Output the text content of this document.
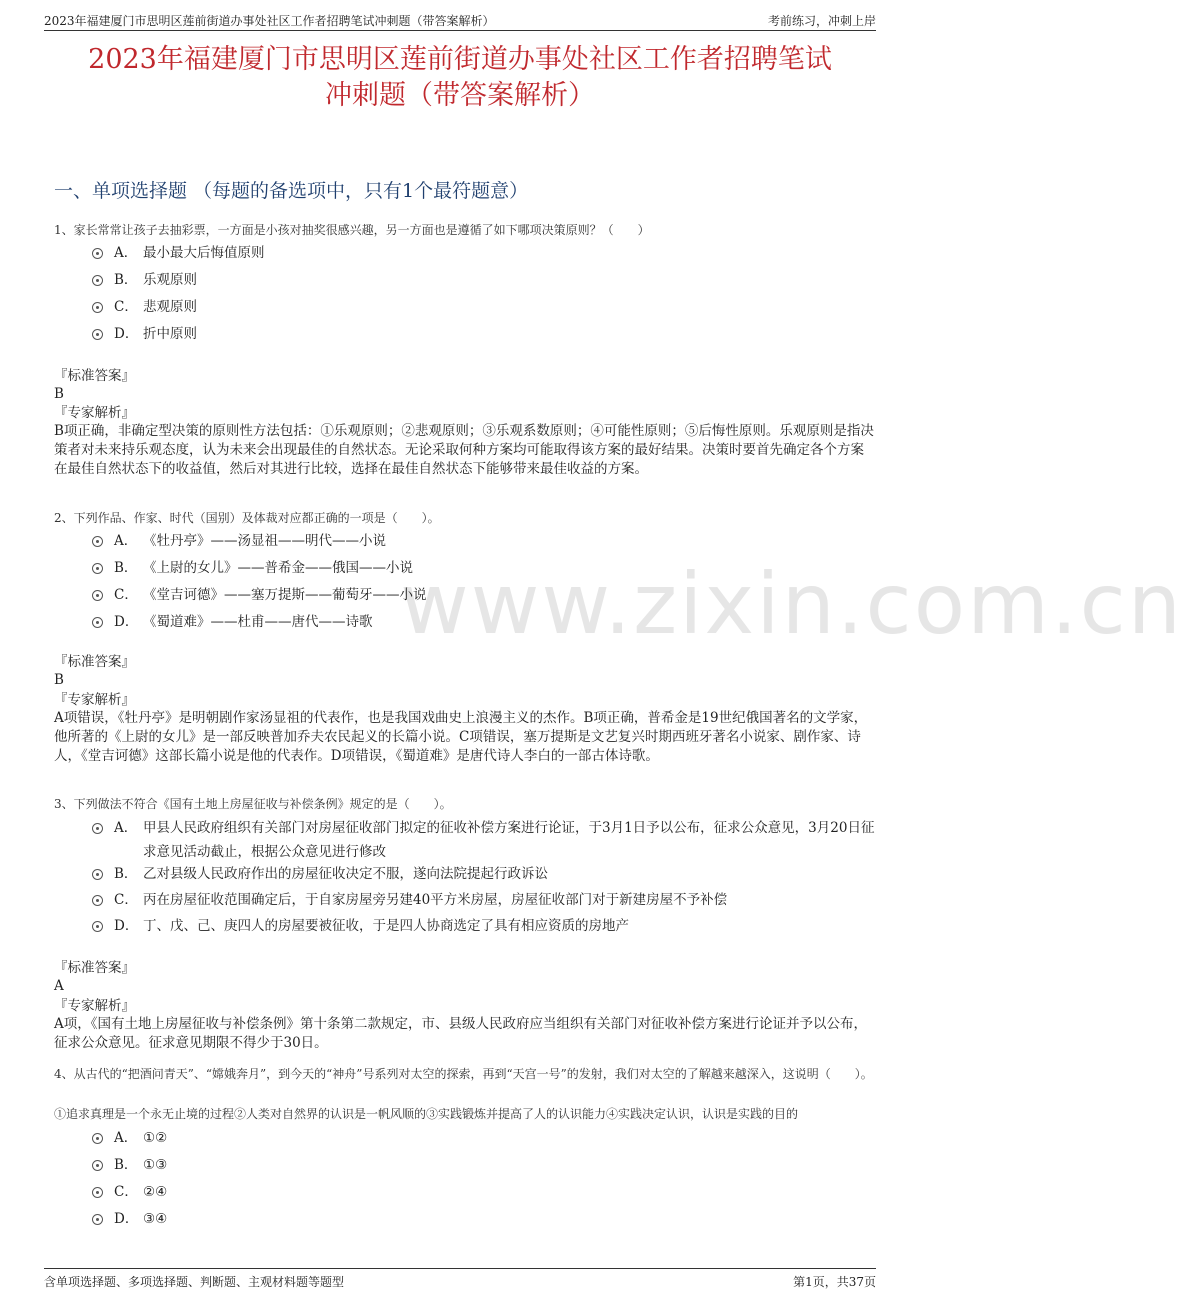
2023年福建厦门市思明区莲前街道办事处社区工作者招聘笔试冲刺题（带答案解析）	考前练习，冲刺上岸
2023年福建厦门市思明区莲前街道办事处社区工作者招聘笔试
冲刺题（带答案解析）
一、单项选择题 （每题的备选项中，只有1个最符题意）
www.zixin.com.cn
1、家长常常让孩子去抽彩票，一方面是小孩对抽奖很感兴趣，另一方面也是遵循了如下哪项决策原则？（　　）
A． 最小最大后悔值原则
B． 乐观原则
C． 悲观原则
D． 折中原则
『标准答案』
B
『专家解析』
B项正确，非确定型决策的原则性方法包括：①乐观原则；②悲观原则；③乐观系数原则；④可能性原则；⑤后悔性原则。乐观原则是指决策者对未来持乐观态度，认为未来会出现最佳的自然状态。无论采取何种方案均可能取得该方案的最好结果。决策时要首先确定各个方案在最佳自然状态下的收益值，然后对其进行比较，选择在最佳自然状态下能够带来最佳收益的方案。
2、下列作品、作家、时代（国别）及体裁对应都正确的一项是（　　）。
A． 《牡丹亭》——汤显祖——明代——小说
B． 《上尉的女儿》——普希金——俄国——小说
C． 《堂吉诃德》——塞万提斯——葡萄牙——小说
D． 《蜀道难》——杜甫——唐代——诗歌
『标准答案』
B
『专家解析』
A项错误，《牡丹亭》是明朝剧作家汤显祖的代表作，也是我国戏曲史上浪漫主义的杰作。B项正确，普希金是19世纪俄国著名的文学家，他所著的《上尉的女儿》是一部反映普加乔夫农民起义的长篇小说。C项错误，塞万提斯是文艺复兴时期西班牙著名小说家、剧作家、诗人，《堂吉诃德》这部长篇小说是他的代表作。D项错误，《蜀道难》是唐代诗人李白的一部古体诗歌。
3、下列做法不符合《国有土地上房屋征收与补偿条例》规定的是（　　）。
A． 甲县人民政府组织有关部门对房屋征收部门拟定的征收补偿方案进行论证，于3月1日予以公布，征求公众意见，3月20日征求意见活动截止，根据公众意见进行修改
B． 乙对县级人民政府作出的房屋征收决定不服，遂向法院提起行政诉讼
C． 丙在房屋征收范围确定后，于自家房屋旁另建40平方米房屋，房屋征收部门对于新建房屋不予补偿
D． 丁、戊、己、庚四人的房屋要被征收，于是四人协商选定了具有相应资质的房地产
『标准答案』
A
『专家解析』
A项，《国有土地上房屋征收与补偿条例》第十条第二款规定，市、县级人民政府应当组织有关部门对征收补偿方案进行论证并予以公布，征求公众意见。征求意见期限不得少于30日。
4、从古代的“把酒问青天”、“嫦娥奔月”，到今天的“神舟”号系列对太空的探索，再到“天宫一号”的发射，我们对太空的了解越来越深入，这说明（　　）。
①追求真理是一个永无止境的过程②人类对自然界的认识是一帆风顺的③实践锻炼并提高了人的认识能力④实践决定认识，认识是实践的目的
A． ①②
B． ①③
C． ②④
D． ③④
含单项选择题、多项选择题、判断题、主观材料题等题型	第1页，共37页
